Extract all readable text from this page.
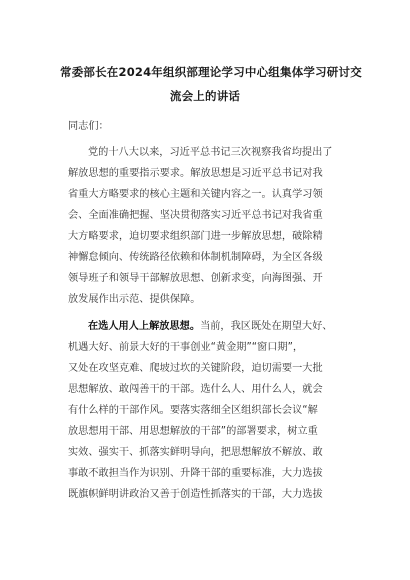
常委部长在2024年组织部理论学习中心组集体学习研讨交
流会上的讲话
同志们：
党的十八大以来，习近平总书记三次视察我省均提出了
解放思想的重要指示要求。解放思想是习近平总书记对我
省重大方略要求的核心主题和关键内容之一。认真学习领
会、全面准确把握、坚决贯彻落实习近平总书记对我省重
大方略要求，迫切要求组织部门进一步解放思想，破除精
神懈怠倾向、传统路径依赖和体制机制障碍，为全区各级
领导班子和领导干部解放思想、创新求变，向海图强、开
放发展作出示范、提供保障。
在选人用人上解放思想。当前，我区既处在期望大好、
机遇大好、前景大好的干事创业“黄金期”“窗口期”，
又处在攻坚克难、爬坡过坎的关键阶段，迫切需要一大批
思想解放、敢闯善干的干部。选什么人、用什么人，就会
有什么样的干部作风。要落实落细全区组织部长会议“解
放思想用干部、用思想解放的干部”的部署要求，树立重
实效、强实干、抓落实鲜明导向，把思想解放不解放、敢
事敢不敢担当作为识别、升降干部的重要标准，大力选拔
既旗帜鲜明讲政治又善于创造性抓落实的干部，大力选拔
